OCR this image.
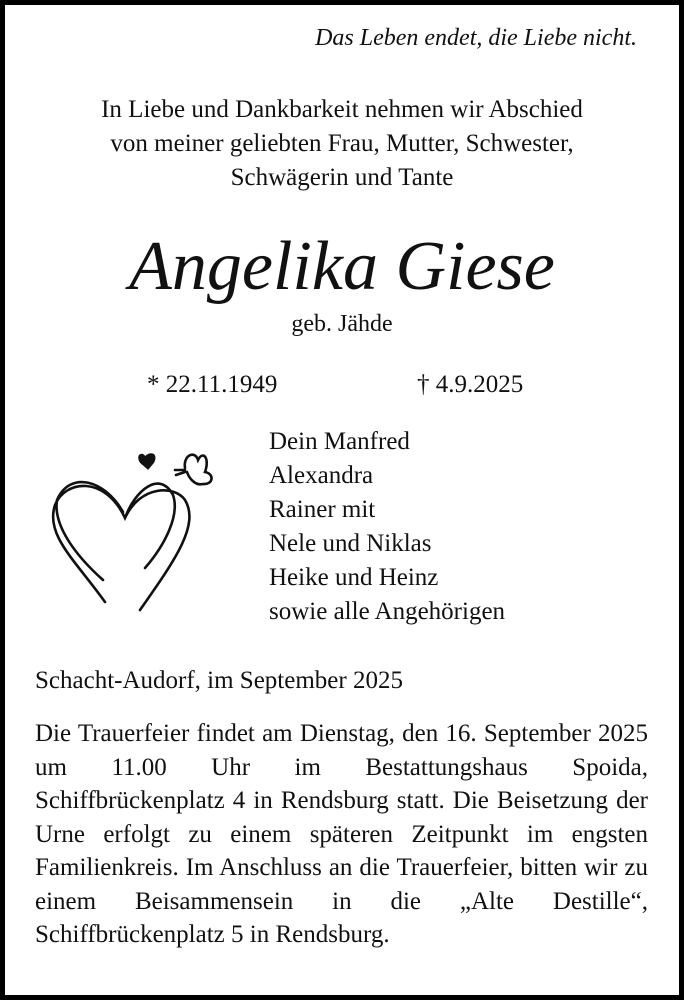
Das Leben endet, die Liebe nicht.
In Liebe und Dankbarkeit nehmen wir Abschied
von meiner geliebten Frau, Mutter, Schwester,
Schwägerin und Tante
Angelika Giese
geb. Jähde
* 22.11.1949	† 4.9.2025
Dein Manfred
Alexandra
Rainer mit
Nele und Niklas
Heike und Heinz
sowie alle Angehörigen
Schacht-Audorf, im September 2025
Die Trauerfeier findet am Dienstag, den 16. September 2025 um 11.00 Uhr im Bestattungshaus Spoida, Schiffbrückenplatz 4 in Rendsburg statt. Die Beisetzung der Urne erfolgt zu einem späteren Zeitpunkt im engsten Familienkreis. Im Anschluss an die Trauerfeier, bitten wir zu einem Beisammensein in die „Alte Destille“, Schiffbrückenplatz 5 in Rendsburg.
